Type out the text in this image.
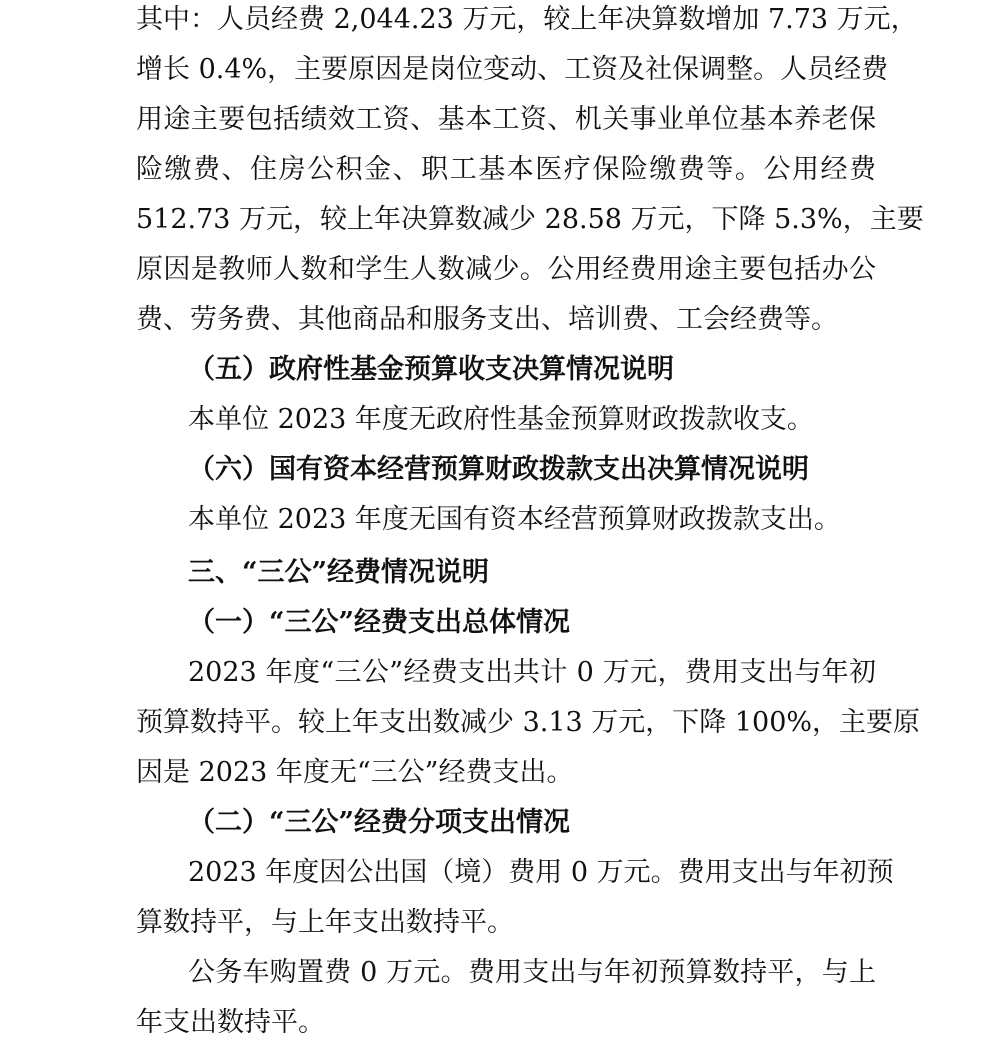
其中：人员经费 2,044.23 万元，较上年决算数增加 7.73 万元，
增长 0.4%，主要原因是岗位变动、工资及社保调整。人员经费
用途主要包括绩效工资、基本工资、机关事业单位基本养老保
险缴费、住房公积金、职工基本医疗保险缴费等。公用经费
512.73 万元，较上年决算数减少 28.58 万元，下降 5.3%，主要
原因是教师人数和学生人数减少。公用经费用途主要包括办公
费、劳务费、其他商品和服务支出、培训费、工会经费等。
（五）政府性基金预算收支决算情况说明
本单位 2023 年度无政府性基金预算财政拨款收支。
（六）国有资本经营预算财政拨款支出决算情况说明
本单位 2023 年度无国有资本经营预算财政拨款支出。
三、“三公”经费情况说明
（一）“三公”经费支出总体情况
2023 年度“三公”经费支出共计 0 万元，费用支出与年初
预算数持平。较上年支出数减少 3.13 万元，下降 100%，主要原
因是 2023 年度无“三公”经费支出。
（二）“三公”经费分项支出情况
2023 年度因公出国（境）费用 0 万元。费用支出与年初预
算数持平，与上年支出数持平。
公务车购置费 0 万元。费用支出与年初预算数持平，与上
年支出数持平。
